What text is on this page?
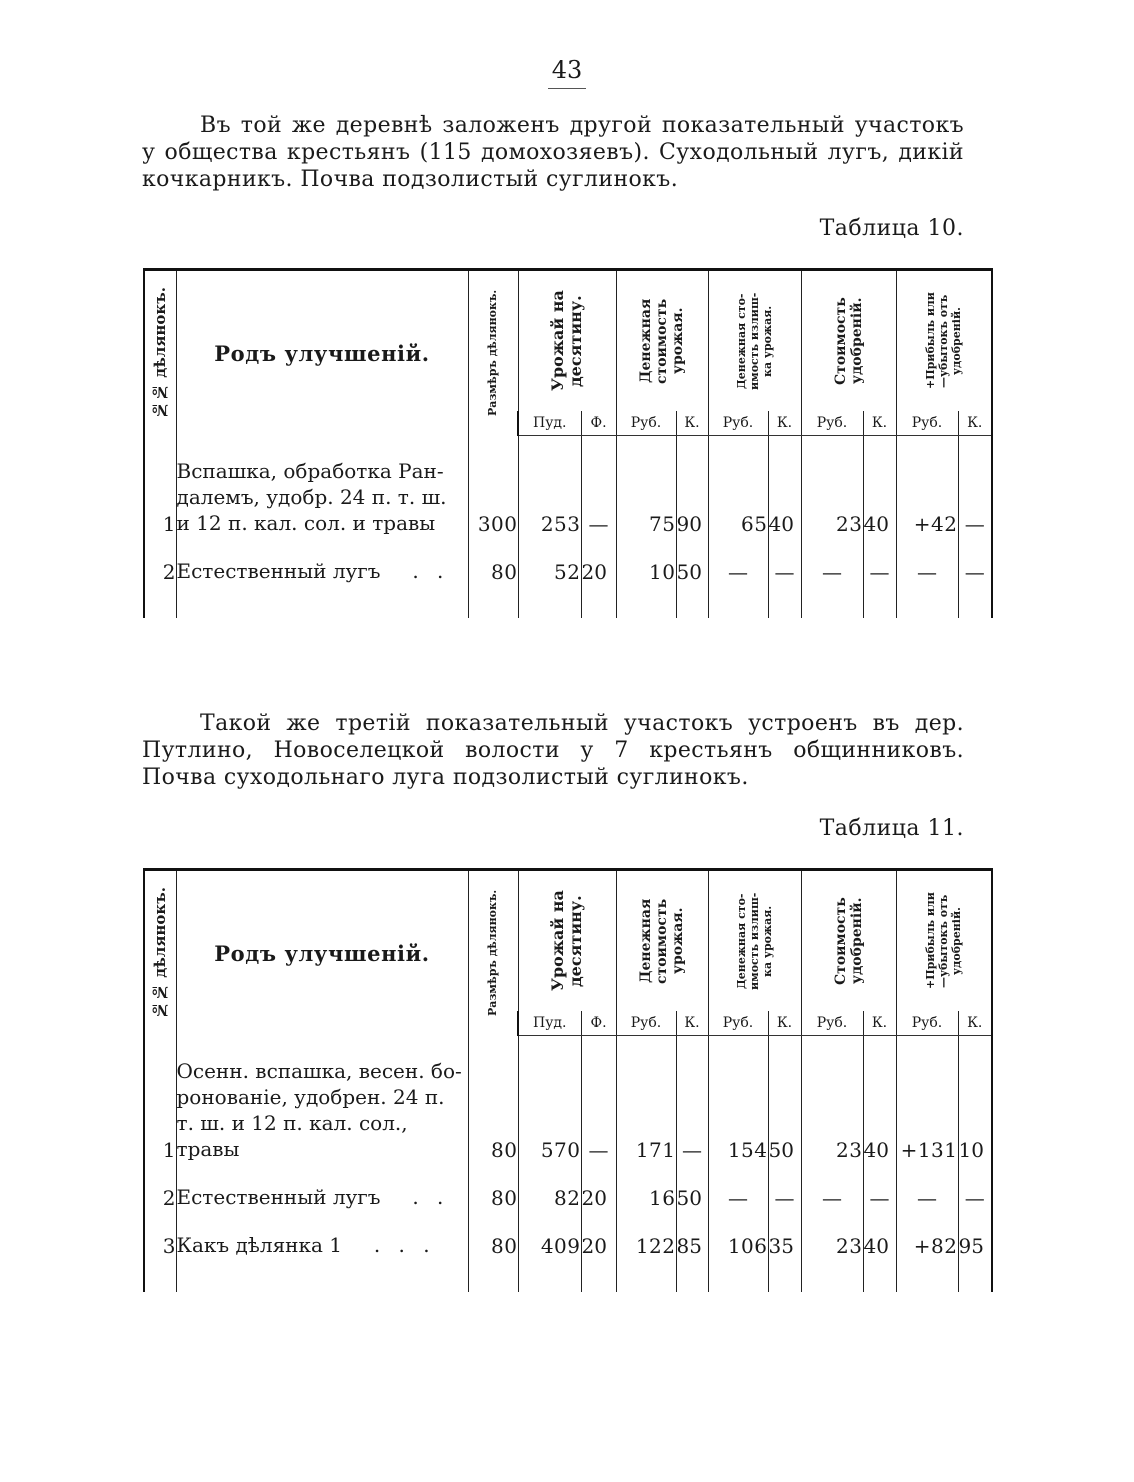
43

Въ той же деревнѣ заложенъ другой показательный участокъ у общества крестьянъ (115 домохозяевъ). Суходольный лугъ, дикій кочкарникъ. Почва подзолистый суглинокъ.

Таблица 10.
№№ дѣлянокъ.	Родъ улучшеній.	Размѣръ дѣлянокъ.	Урожай на
десятину.		Денежная
стоимость
урожая.		Денежная сто-
имость излиш-
ка урожая.		Стоимость
удобреній.		+Прибыль или
—убытокъ отъ
удобреній.	

			Пуд.	Ф.	Руб.	К.	Руб.	К.	Руб.	К.	Руб.	К.

1	Вспашка, обработка Ран-
далемъ, удобр. 24 п. т. ш.
и 12 п. кал. сол. и травы	300	253	—	75	90	65	40	23	40	+42	—

2	Естественный лугъ . .	80	52	20	10	50	—	—	—	—	—	—

Такой же третій показательный участокъ устроенъ въ дер. Путлино, Новоселецкой волости у 7 крестьянъ общинниковъ. Почва суходольнаго луга подзолистый суглинокъ.

Таблица 11.
№№ дѣлянокъ.	Родъ улучшеній.	Размѣръ дѣлянокъ.	Урожай на
десятину.		Денежная
стоимость
урожая.		Денежная сто-
имость излиш-
ка урожая.		Стоимость
удобреній.		+Прибыль или
—убытокъ отъ
удобреній.	

			Пуд.	Ф.	Руб.	К.	Руб.	К.	Руб.	К.	Руб.	К.

1	Осенн. вспашка, весен. бо-
ронованіе, удобрен. 24 п.
т. ш. и 12 п. кал. сол., травы	80	570	—	171	—	154	50	23	40	+131	10

2	Естественный лугъ . .	80	82	20	16	50	—	—	—	—	—	—

3	Какъ дѣлянка 1 . . .	80	409	20	122	85	106	35	23	40	+82	95
